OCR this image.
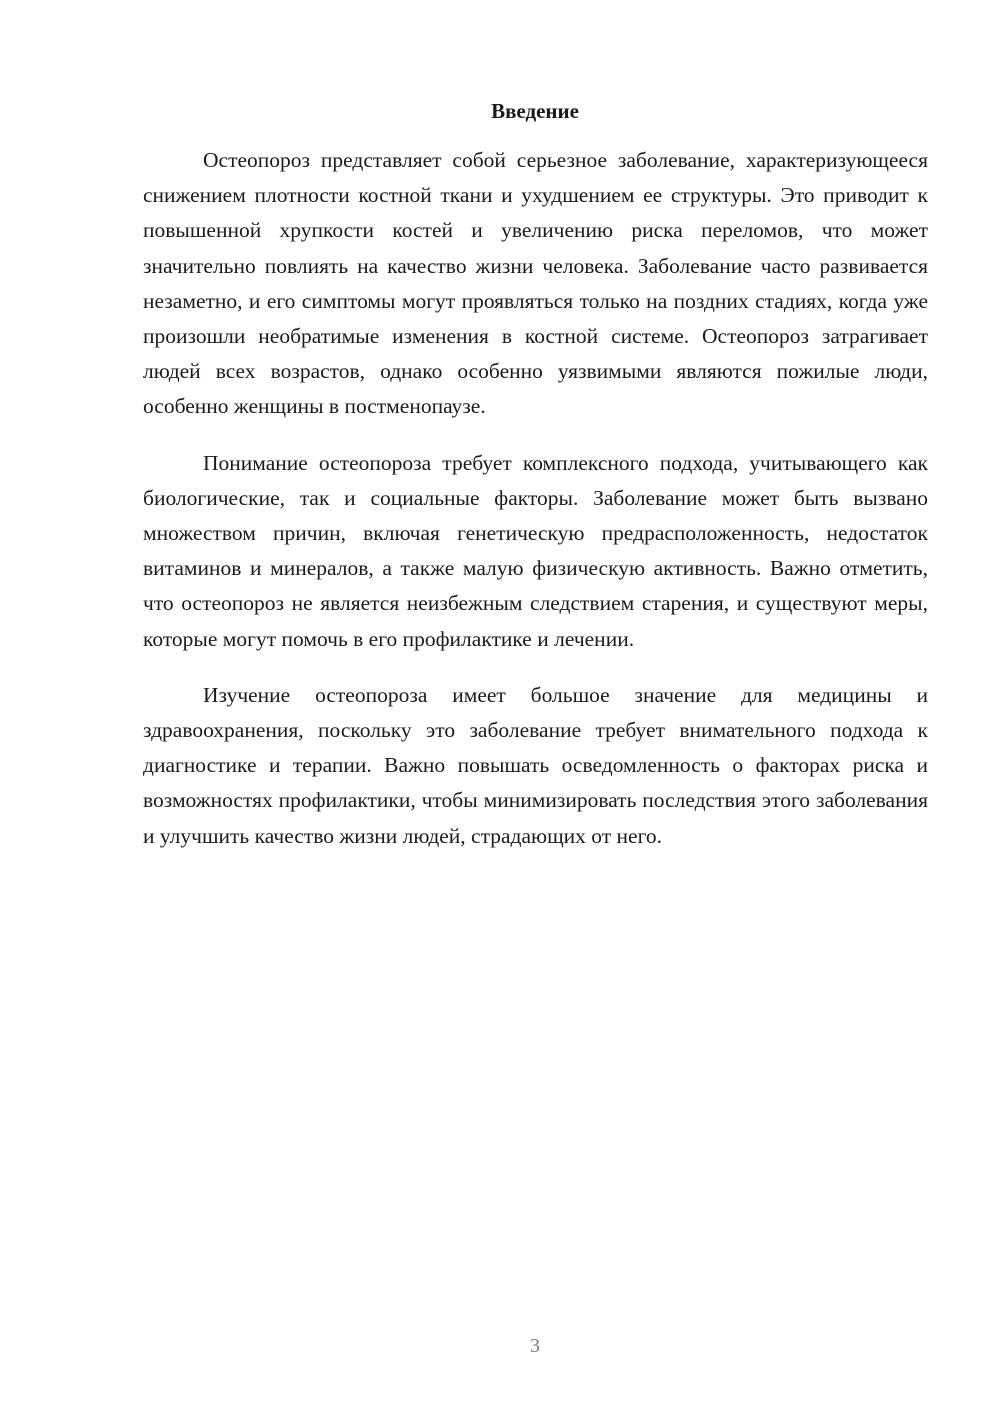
Введение

Остеопороз представляет собой серьезное заболевание, характеризующееся снижением плотности костной ткани и ухудшением ее структуры. Это приводит к повышенной хрупкости костей и увеличению риска переломов, что может значительно повлиять на качество жизни человека. Заболевание часто развивается незаметно, и его симптомы могут проявляться только на поздних стадиях, когда уже произошли необратимые изменения в костной системе. Остеопороз затрагивает людей всех возрастов, однако особенно уязвимыми являются пожилые люди, особенно женщины в постменопаузе.

Понимание остеопороза требует комплексного подхода, учитывающего как биологические, так и социальные факторы. Заболевание может быть вызвано множеством причин, включая генетическую предрасположенность, недостаток витаминов и минералов, а также малую физическую активность. Важно отметить, что остеопороз не является неизбежным следствием старения, и существуют меры, которые могут помочь в его профилактике и лечении.

Изучение остеопороза имеет большое значение для медицины и здравоохранения, поскольку это заболевание требует внимательного подхода к диагностике и терапии. Важно повышать осведомленность о факторах риска и возможностях профилактики, чтобы минимизировать последствия этого заболевания и улучшить качество жизни людей, страдающих от него.

3
